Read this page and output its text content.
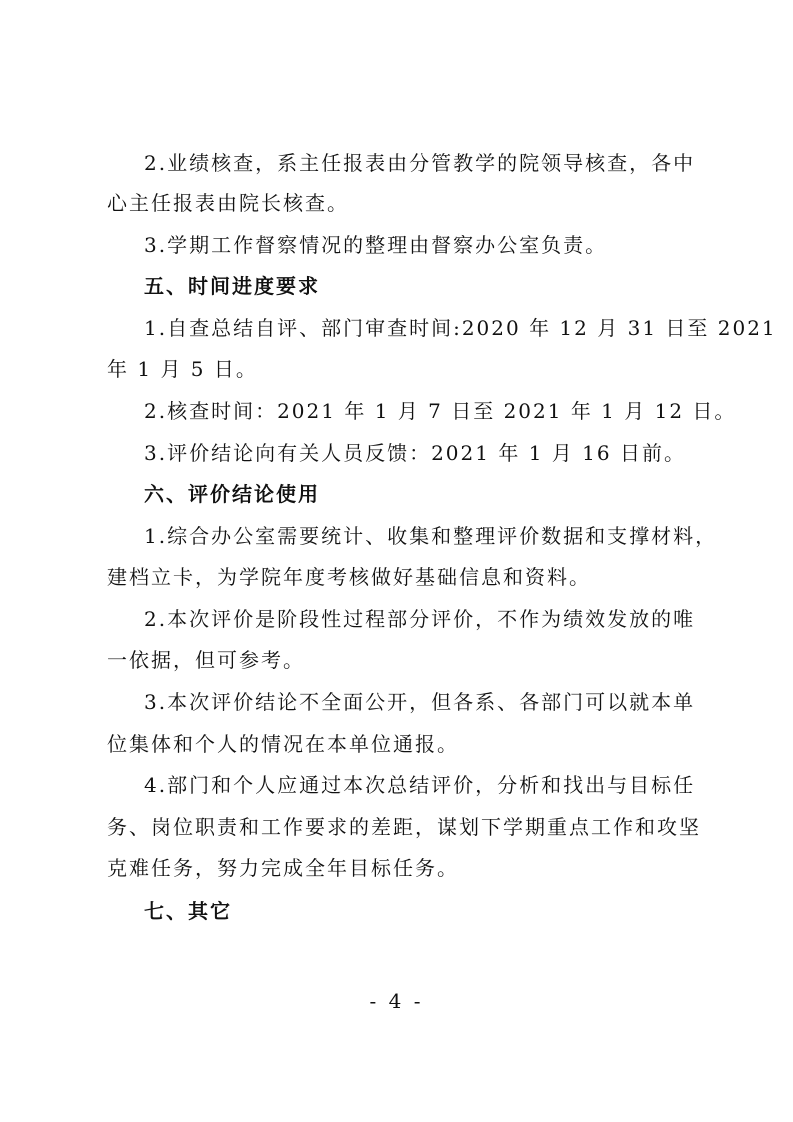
2.业绩核查，系主任报表由分管教学的院领导核查，各中
心主任报表由院长核查。
3.学期工作督察情况的整理由督察办公室负责。
五、时间进度要求
1.自查总结自评、部门审查时间:2020 年 12 月 31 日至 2021
年 1 月 5 日。
2.核查时间：2021 年 1 月 7 日至 2021 年 1 月 12 日。
3.评价结论向有关人员反馈：2021 年 1 月 16 日前。
六、评价结论使用
1.综合办公室需要统计、收集和整理评价数据和支撑材料，
建档立卡，为学院年度考核做好基础信息和资料。
2.本次评价是阶段性过程部分评价，不作为绩效发放的唯
一依据，但可参考。
3.本次评价结论不全面公开，但各系、各部门可以就本单
位集体和个人的情况在本单位通报。
4.部门和个人应通过本次总结评价，分析和找出与目标任
务、岗位职责和工作要求的差距，谋划下学期重点工作和攻坚
克难任务，努力完成全年目标任务。
七、其它
- 4 -
